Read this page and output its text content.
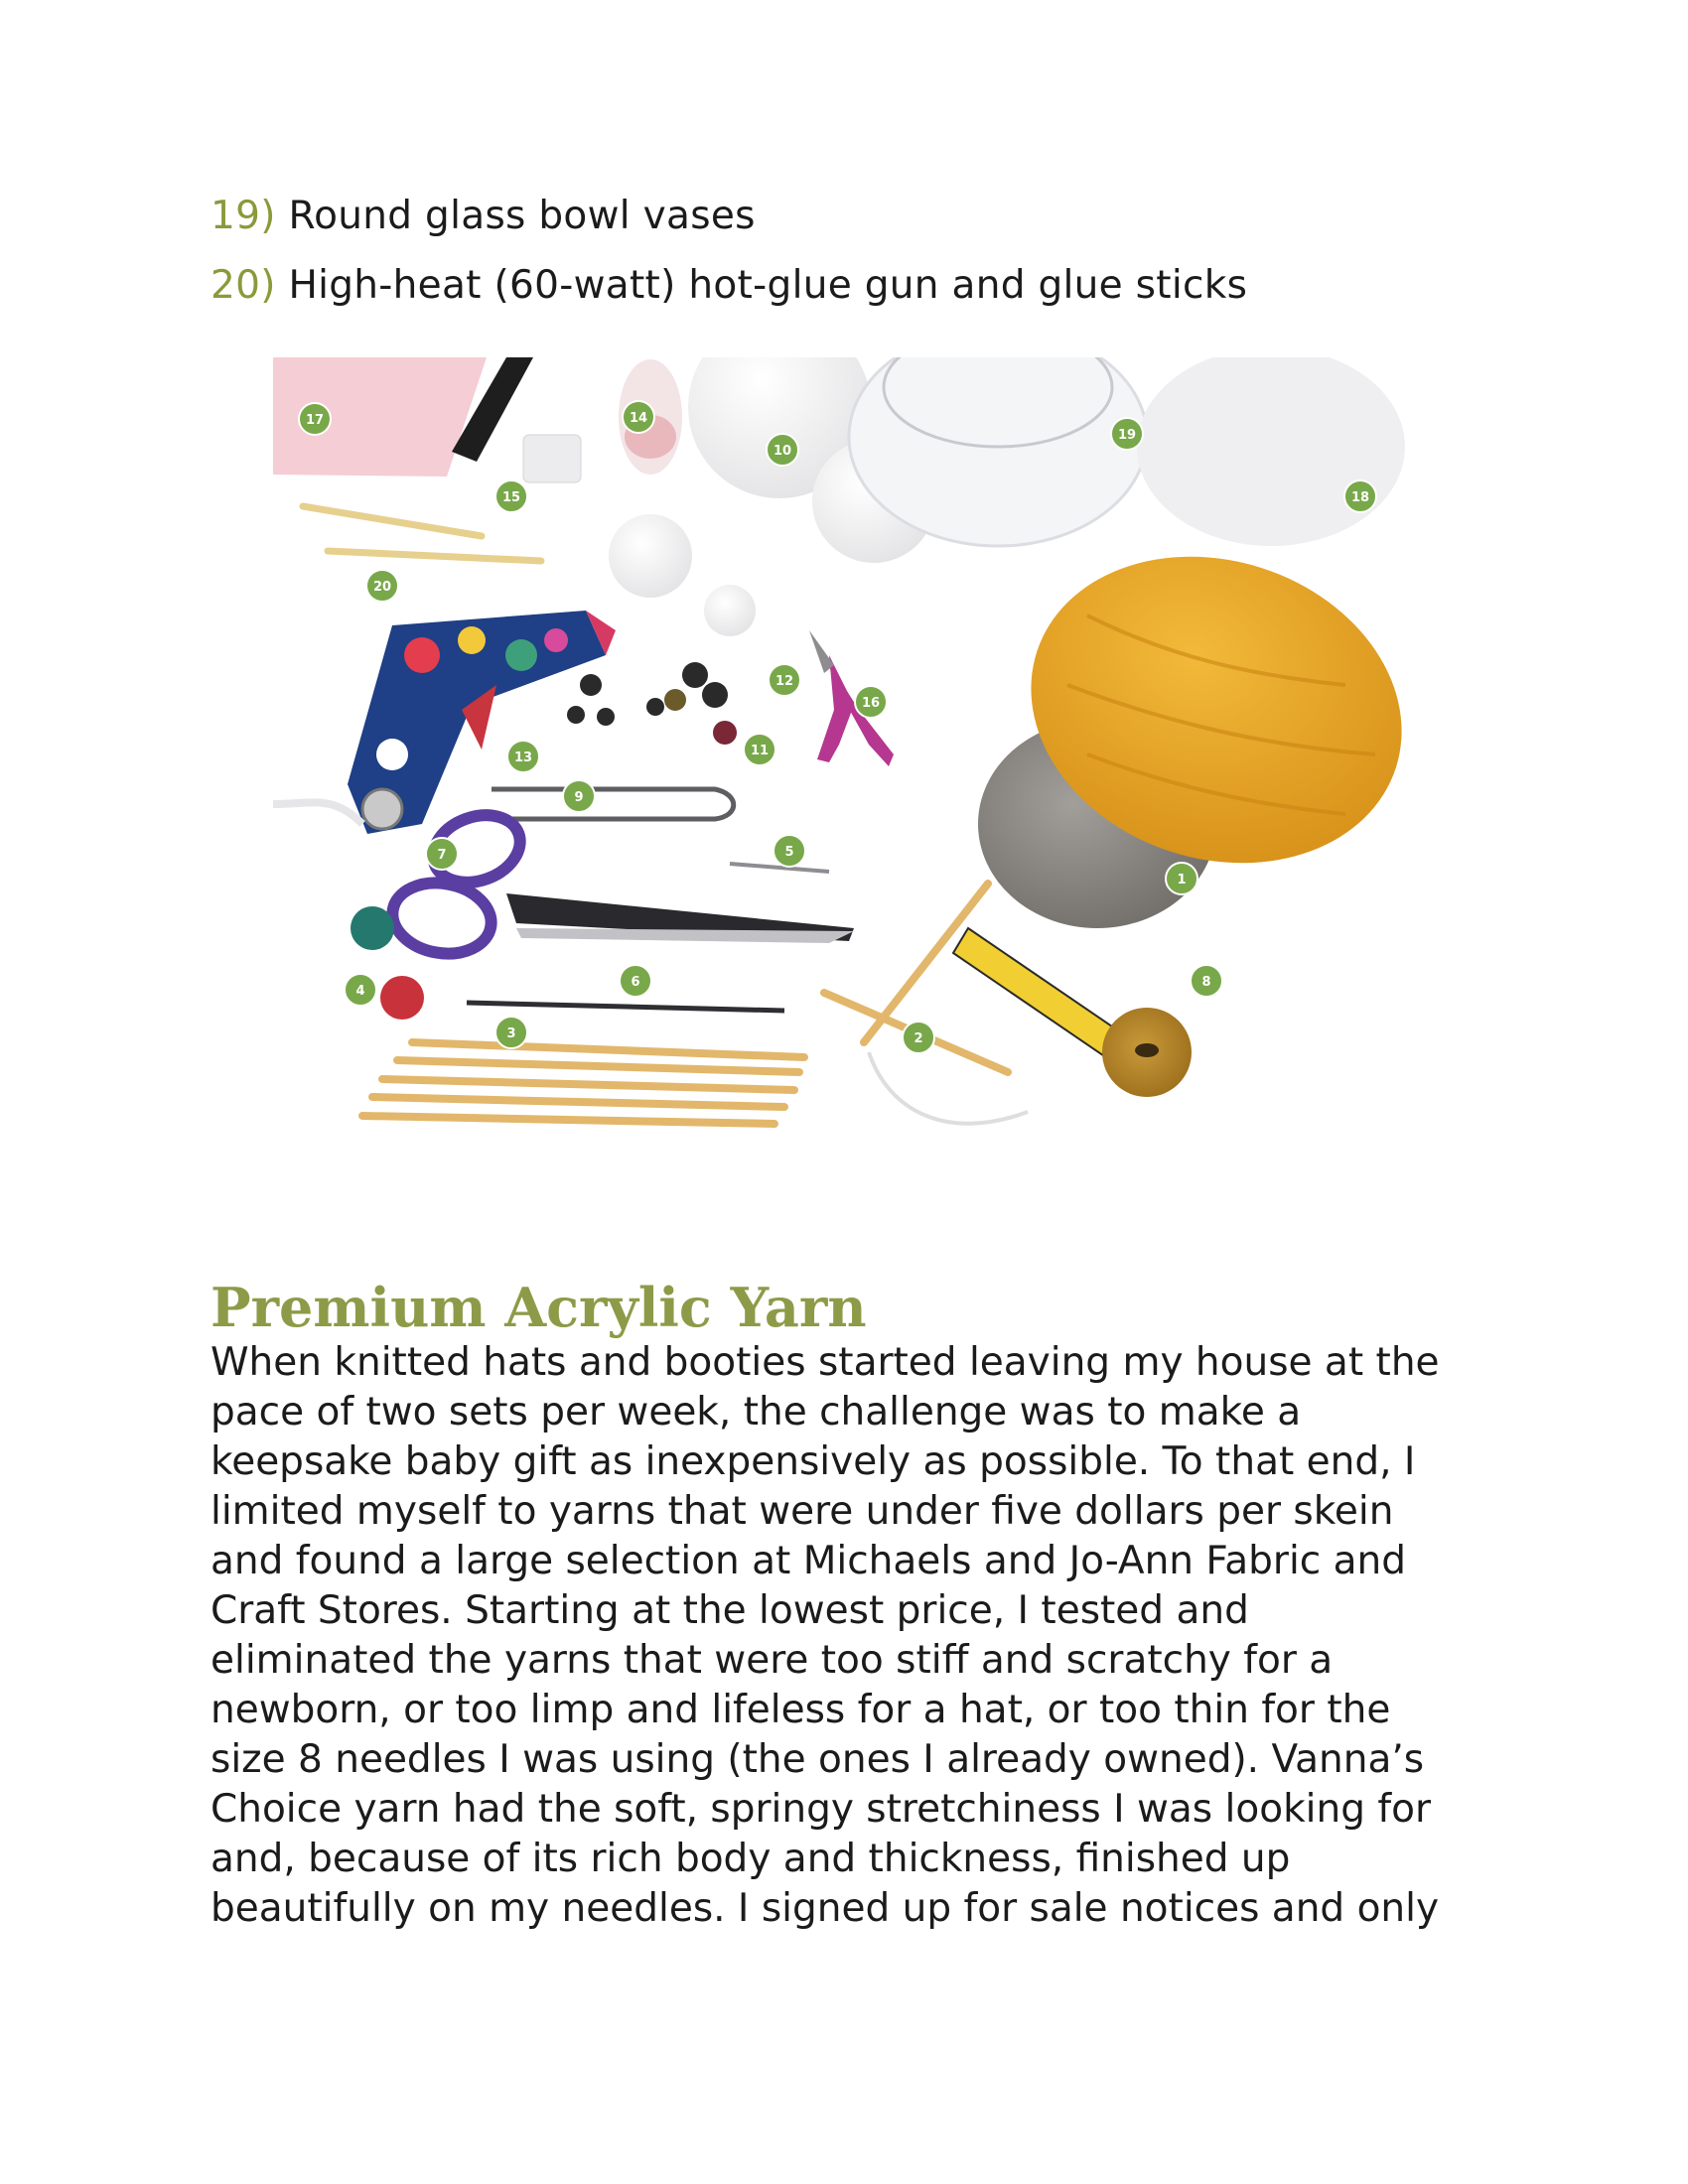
19) Round glass bowl vases
20) High-heat (60-watt) hot-glue gun and glue sticks
1
2
3
4
5
6
7
8
9
10
11
12
13
14
15
16
17
18
19
20
Premium Acrylic Yarn

When knitted hats and booties started leaving my house at the
pace of two sets per week, the challenge was to make a
keepsake baby gift as inexpensively as possible. To that end, I
limited myself to yarns that were under five dollars per skein
and found a large selection at Michaels and Jo-Ann Fabric and
Craft Stores. Starting at the lowest price, I tested and
eliminated the yarns that were too stiff and scratchy for a
newborn, or too limp and lifeless for a hat, or too thin for the
size 8 needles I was using (the ones I already owned). Vanna’s
Choice yarn had the soft, springy stretchiness I was looking for
and, because of its rich body and thickness, finished up
beautifully on my needles. I signed up for sale notices and only
